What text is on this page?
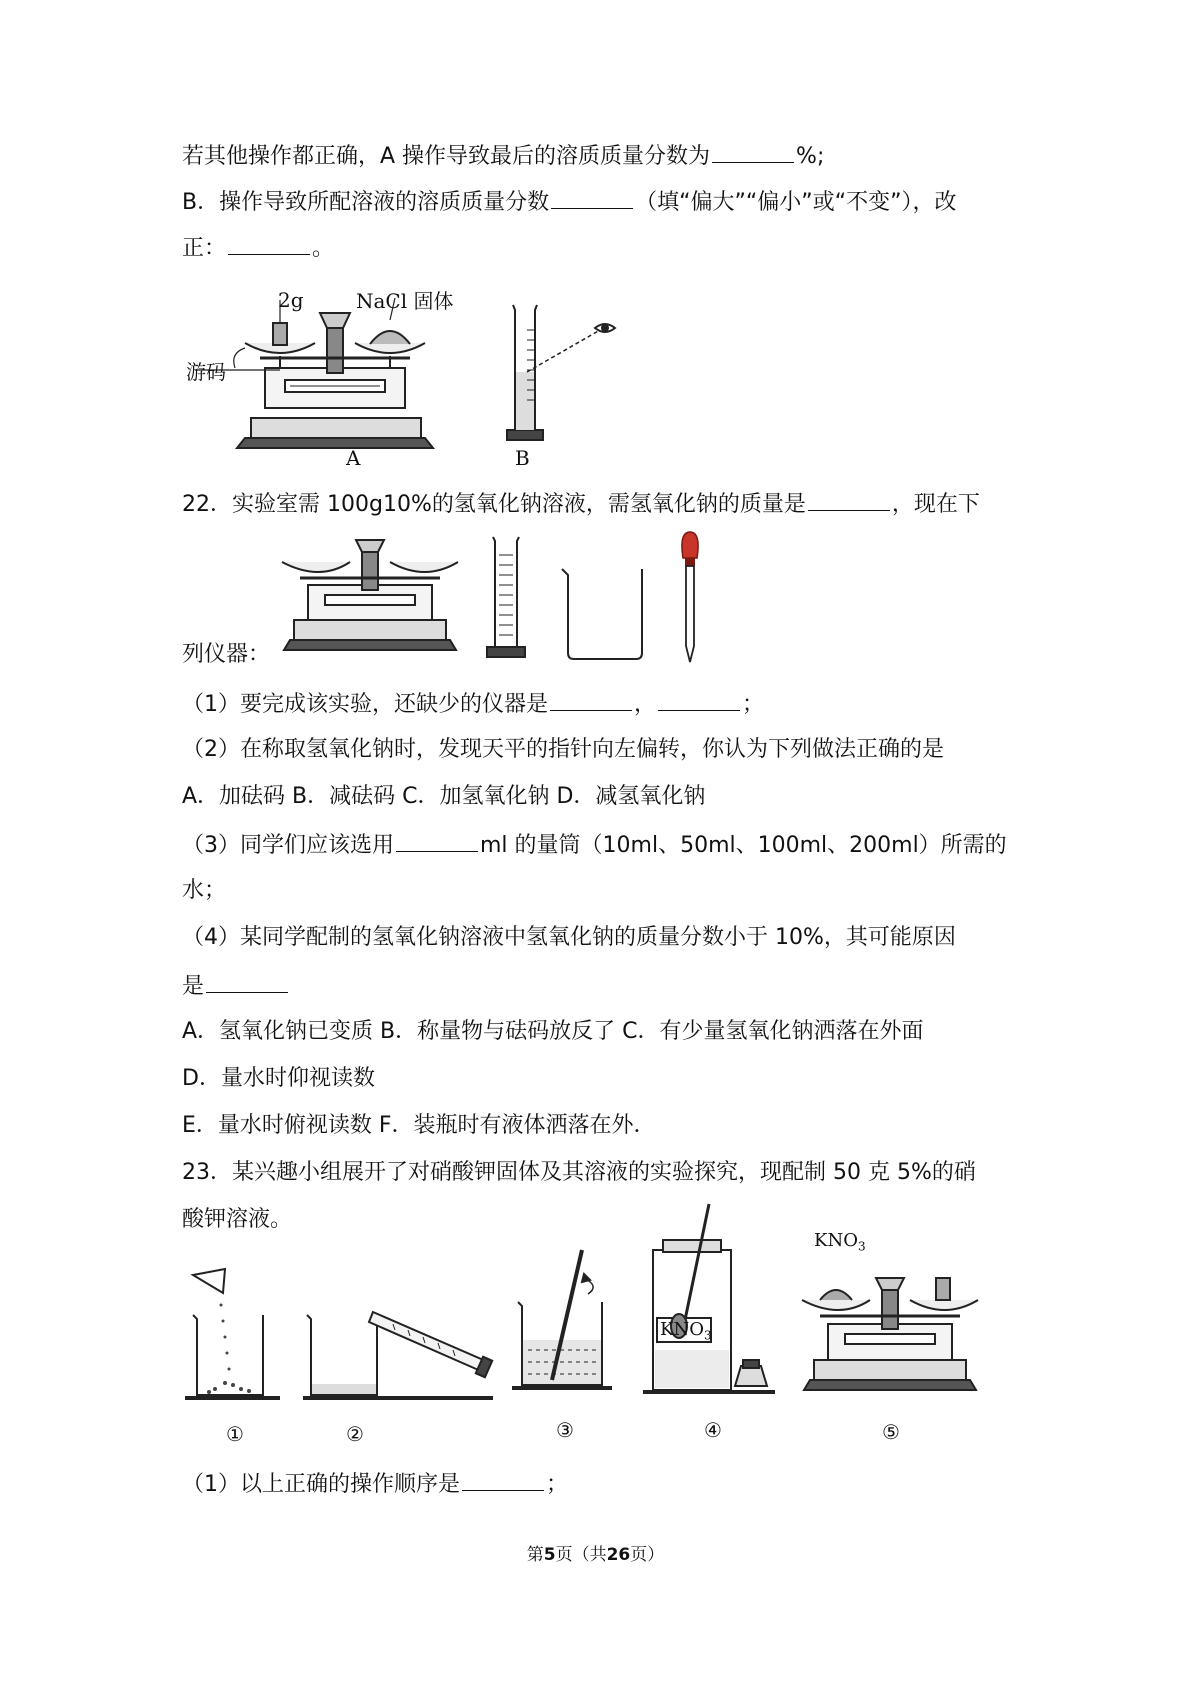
若其他操作都正确，A 操作导致最后的溶质质量分数为	%;
B．操作导致所配溶液的溶质质量分数	（填“偏大”“偏小”或“不变”），改
正：	。
2g	NaCl 固体
游码
A	B
22．实验室需 100g10%的氢氧化钠溶液，需氢氧化钠的质量是	，现在下
列仪器：
（1）要完成该实验，还缺少的仪器是	，	；
（2）在称取氢氧化钠时，发现天平的指针向左偏转，你认为下列做法正确的是
A．加砝码 B．减砝码 C．加氢氧化钠 D．减氢氧化钠
（3）同学们应该选用	ml 的量筒（10ml、50ml、100ml、200ml）所需的
水；
（4）某同学配制的氢氧化钠溶液中氢氧化钠的质量分数小于 10%，其可能原因
是
A．氢氧化钠已变质 B．称量物与砝码放反了 C．有少量氢氧化钠洒落在外面
D．量水时仰视读数
E．量水时俯视读数 F．装瓶时有液体洒落在外．
23．某兴趣小组展开了对硝酸钾固体及其溶液的实验探究，现配制 50 克 5%的硝
酸钾溶液。
$KNO_3$
$KNO_3$
①	②	③	④	⑤
（1）以上正确的操作顺序是	；
第5页（共26页）
